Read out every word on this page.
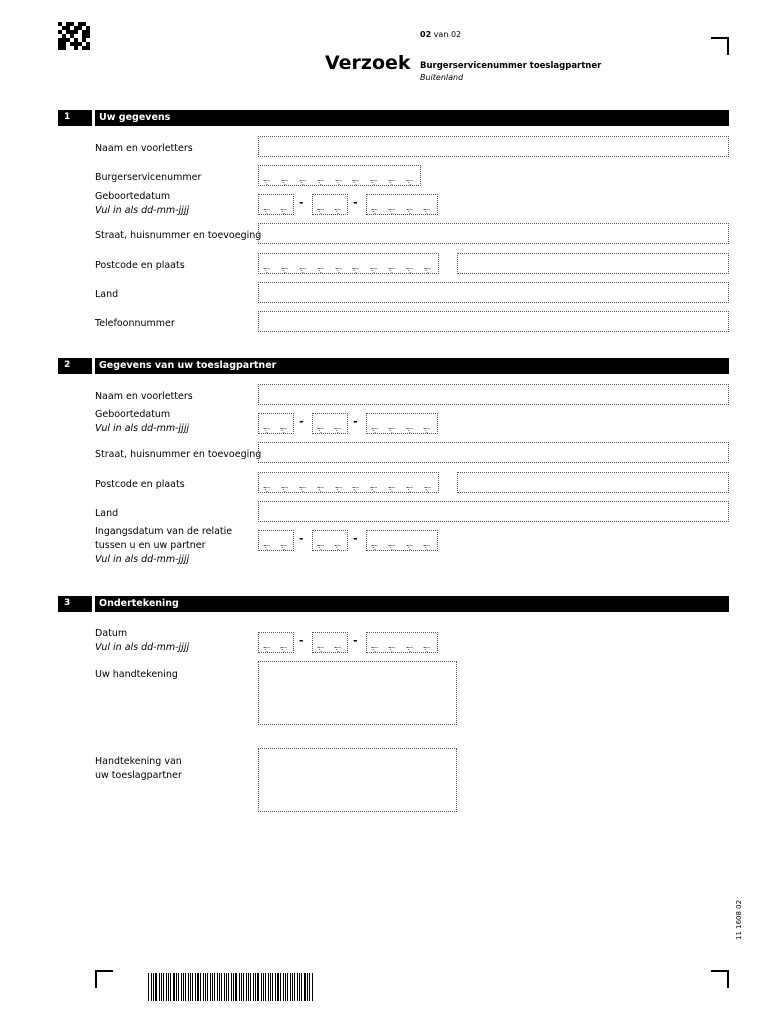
02 van 02
Verzoek Burgerservicenummer toeslagpartner
Buitenland
1	Uw gegevens
Naam en voorletters
Burgerservicenummer
Geboortedatum
Vul in als dd-mm-jjjj
-	-
Straat, huisnummer en toevoeging
Postcode en plaats
Land
Telefoonnummer
2	Gegevens van uw toeslagpartner
Naam en voorletters
Geboortedatum
Vul in als dd-mm-jjjj
-	-
Straat, huisnummer en toevoeging
Postcode en plaats
Land
Ingangsdatum van de relatie
tussen u en uw partner
Vul in als dd-mm-jjjj
-	-
3	Ondertekening
Datum
Vul in als dd-mm-jjjj
-	-
Uw handtekening
Handtekening van
uw toeslagpartner
11 1608 02
